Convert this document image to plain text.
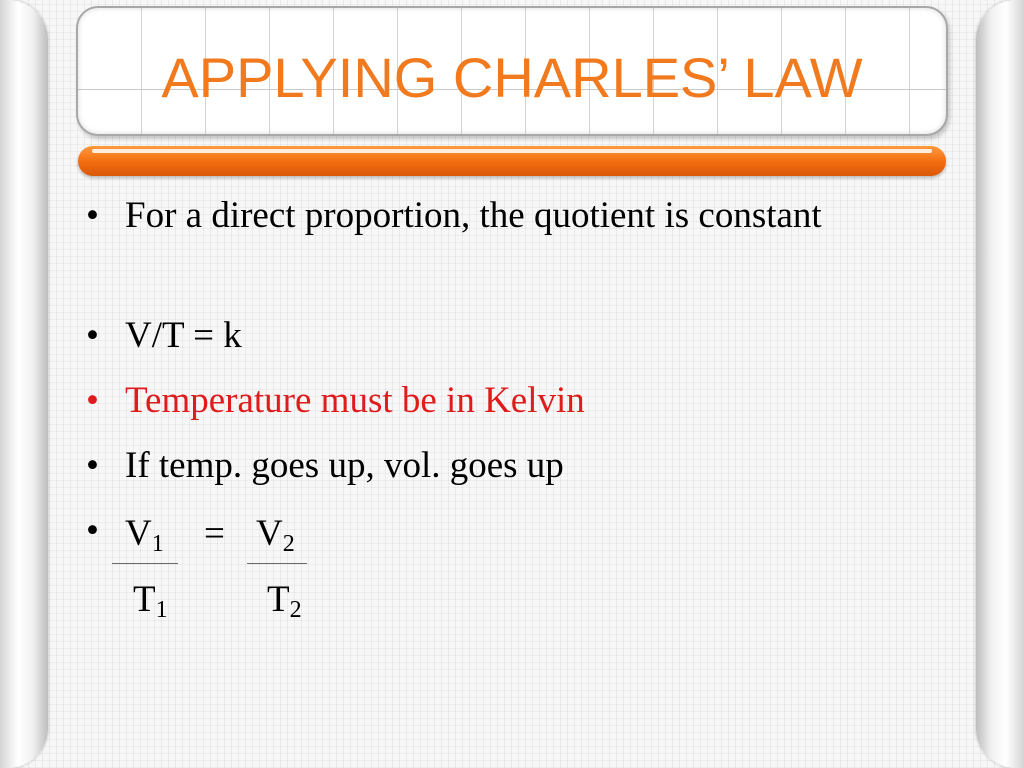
APPLYING CHARLES’ LAW
• For a direct proportion, the quotient is constant
• V/T = k
• Temperature must be in Kelvin
• If temp. goes up, vol. goes up
• V1 = V2
T1	T2
